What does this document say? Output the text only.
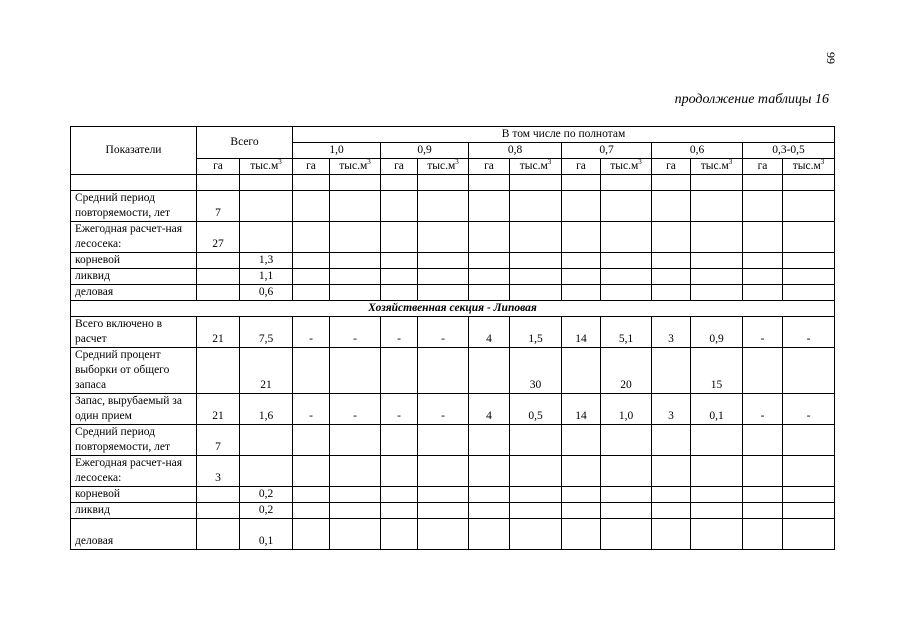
99
продолжение таблицы 16
Показатели	Всего		В том числе по полнотам											
			1,0		0,9		0,8		0,7		0,6		0,3-0,5	
	га	$тыс.м^3$	га	$тыс.м^3$	га	$тыс.м^3$	га	$тыс.м^3$	га	$тыс.м^3$	га	$тыс.м^3$	га	$тыс.м^3$

Средний период повторяемости, лет	7													
Ежегодная расчет-ная лесосека:	27													
корневой		1,3												
ликвид		1,1												
деловая		0,6												
Хозяйственная секция - Липовая														
Всего включено в расчет	21	7,5	-	-	-	-	4	1,5	14	5,1	3	0,9	-	-
Средний процент выборки от общего запаса		21						30		20		15		
Запас, вырубаемый за один прием	21	1,6	-	-	-	-	4	0,5	14	1,0	3	0,1	-	-
Средний период повторяемости, лет	7													
Ежегодная расчет-ная лесосека:	3													
корневой		0,2												
ликвид		0,2												
деловая		0,1												
